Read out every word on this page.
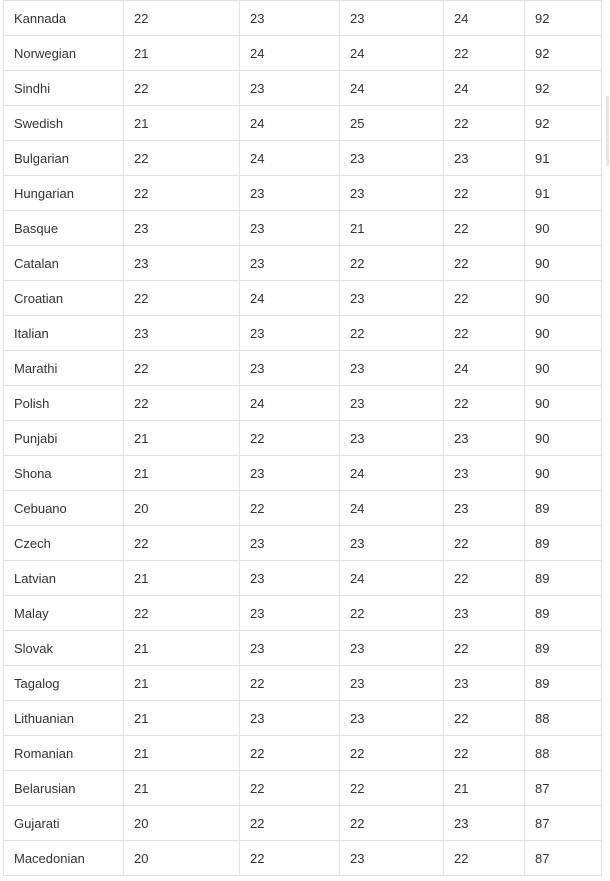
Kannada	22	23	23	24	92
Norwegian	21	24	24	22	92
Sindhi	22	23	24	24	92
Swedish	21	24	25	22	92
Bulgarian	22	24	23	23	91
Hungarian	22	23	23	22	91
Basque	23	23	21	22	90
Catalan	23	23	22	22	90
Croatian	22	24	23	22	90
Italian	23	23	22	22	90
Marathi	22	23	23	24	90
Polish	22	24	23	22	90
Punjabi	21	22	23	23	90
Shona	21	23	24	23	90
Cebuano	20	22	24	23	89
Czech	22	23	23	22	89
Latvian	21	23	24	22	89
Malay	22	23	22	23	89
Slovak	21	23	23	22	89
Tagalog	21	22	23	23	89
Lithuanian	21	23	23	22	88
Romanian	21	22	22	22	88
Belarusian	21	22	22	21	87
Gujarati	20	22	22	23	87
Macedonian	20	22	23	22	87
